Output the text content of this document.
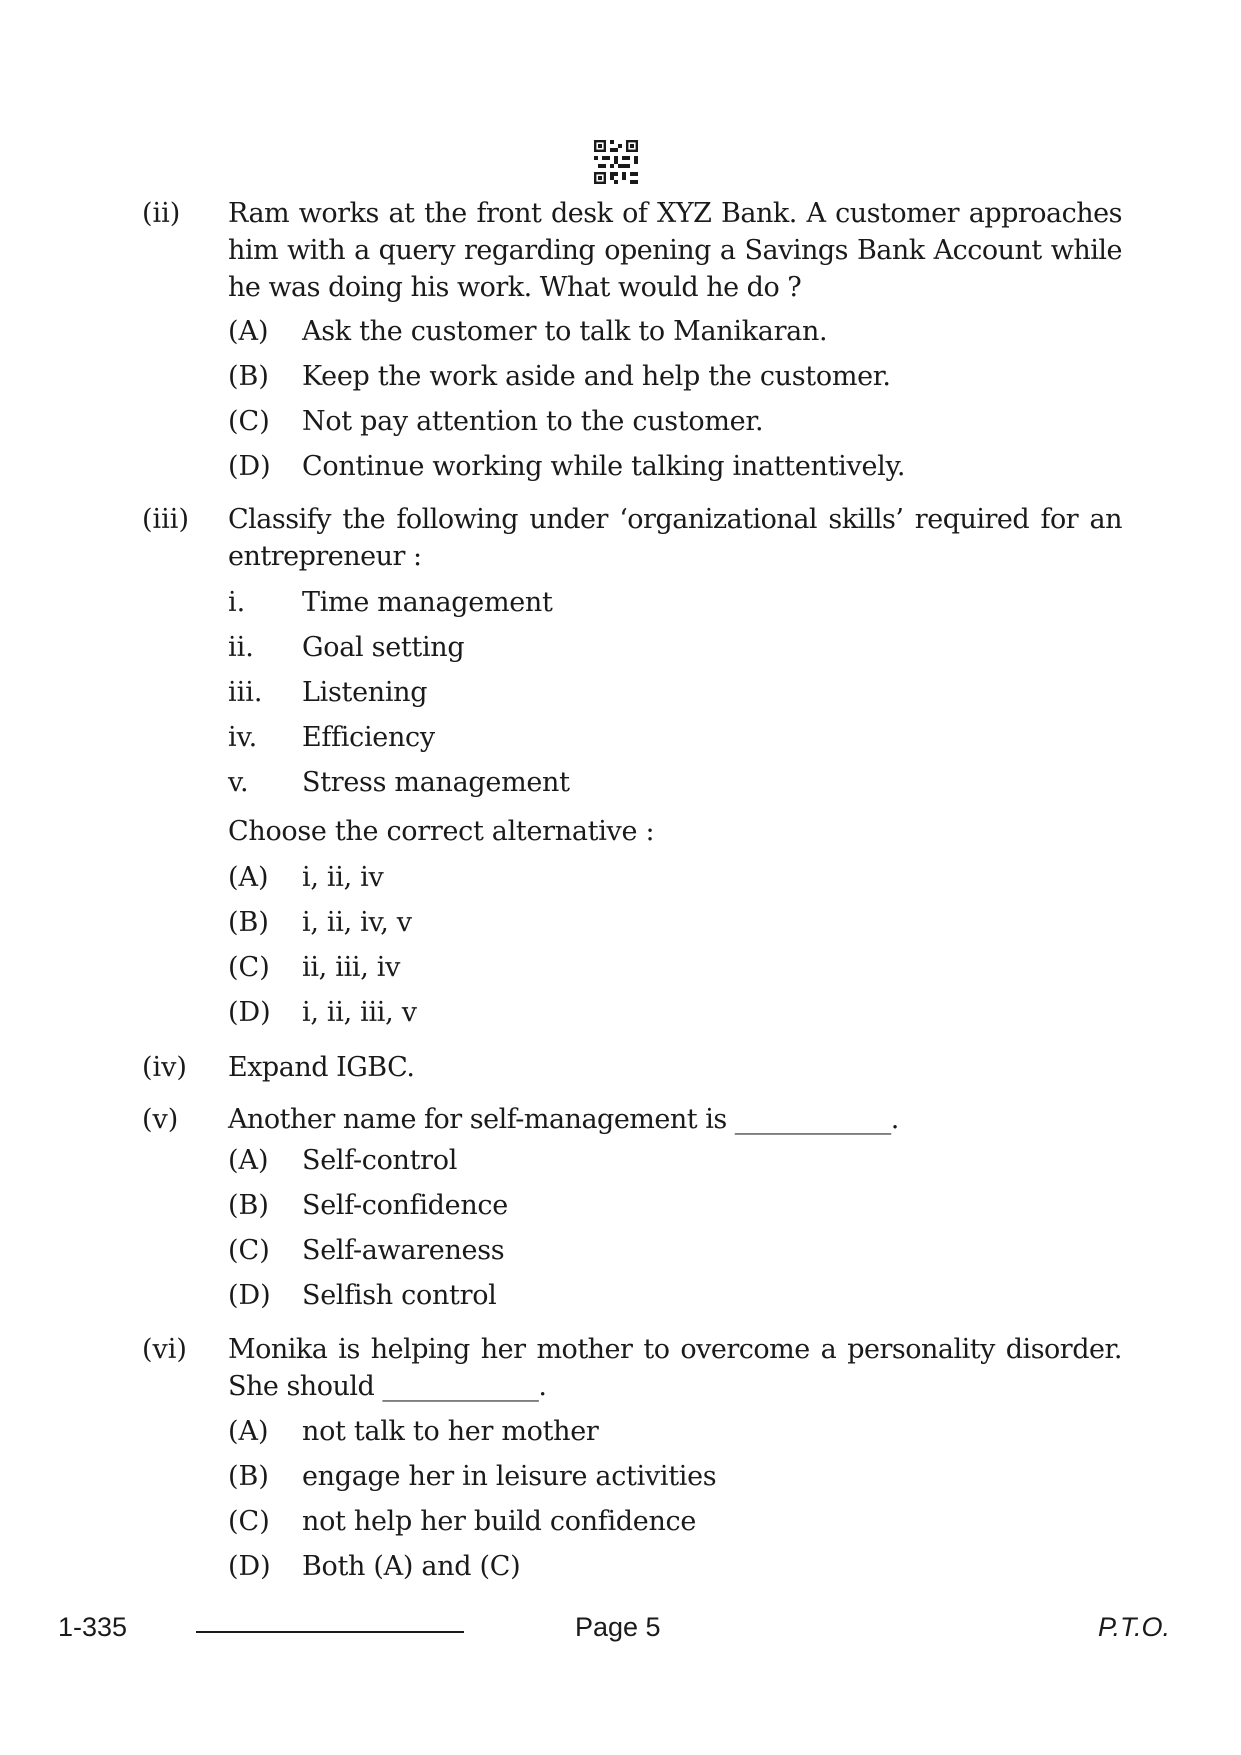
(ii) Ram works at the front desk of XYZ Bank. A customer approaches him with a query regarding opening a Savings Bank Account while he was doing his work. What would he do ?
(A) Ask the customer to talk to Manikaran.
(B) Keep the work aside and help the customer.
(C) Not pay attention to the customer.
(D) Continue working while talking inattentively.
(iii) Classify the following under ‘organizational skills’ required for an entrepreneur :
i. Time management
ii. Goal setting
iii. Listening
iv. Efficiency
v. Stress management
Choose the correct alternative :
(A) i, ii, iv
(B) i, ii, iv, v
(C) ii, iii, iv
(D) i, ii, iii, v
(iv) Expand IGBC.
(v) Another name for self-management is ____________.
(A) Self-control
(B) Self-confidence
(C) Self-awareness
(D) Selfish control
(vi) Monika is helping her mother to overcome a personality disorder. She should ____________.
(A) not talk to her mother
(B) engage her in leisure activities
(C) not help her build confidence
(D) Both (A) and (C)
1-335	Page 5	P.T.O.
